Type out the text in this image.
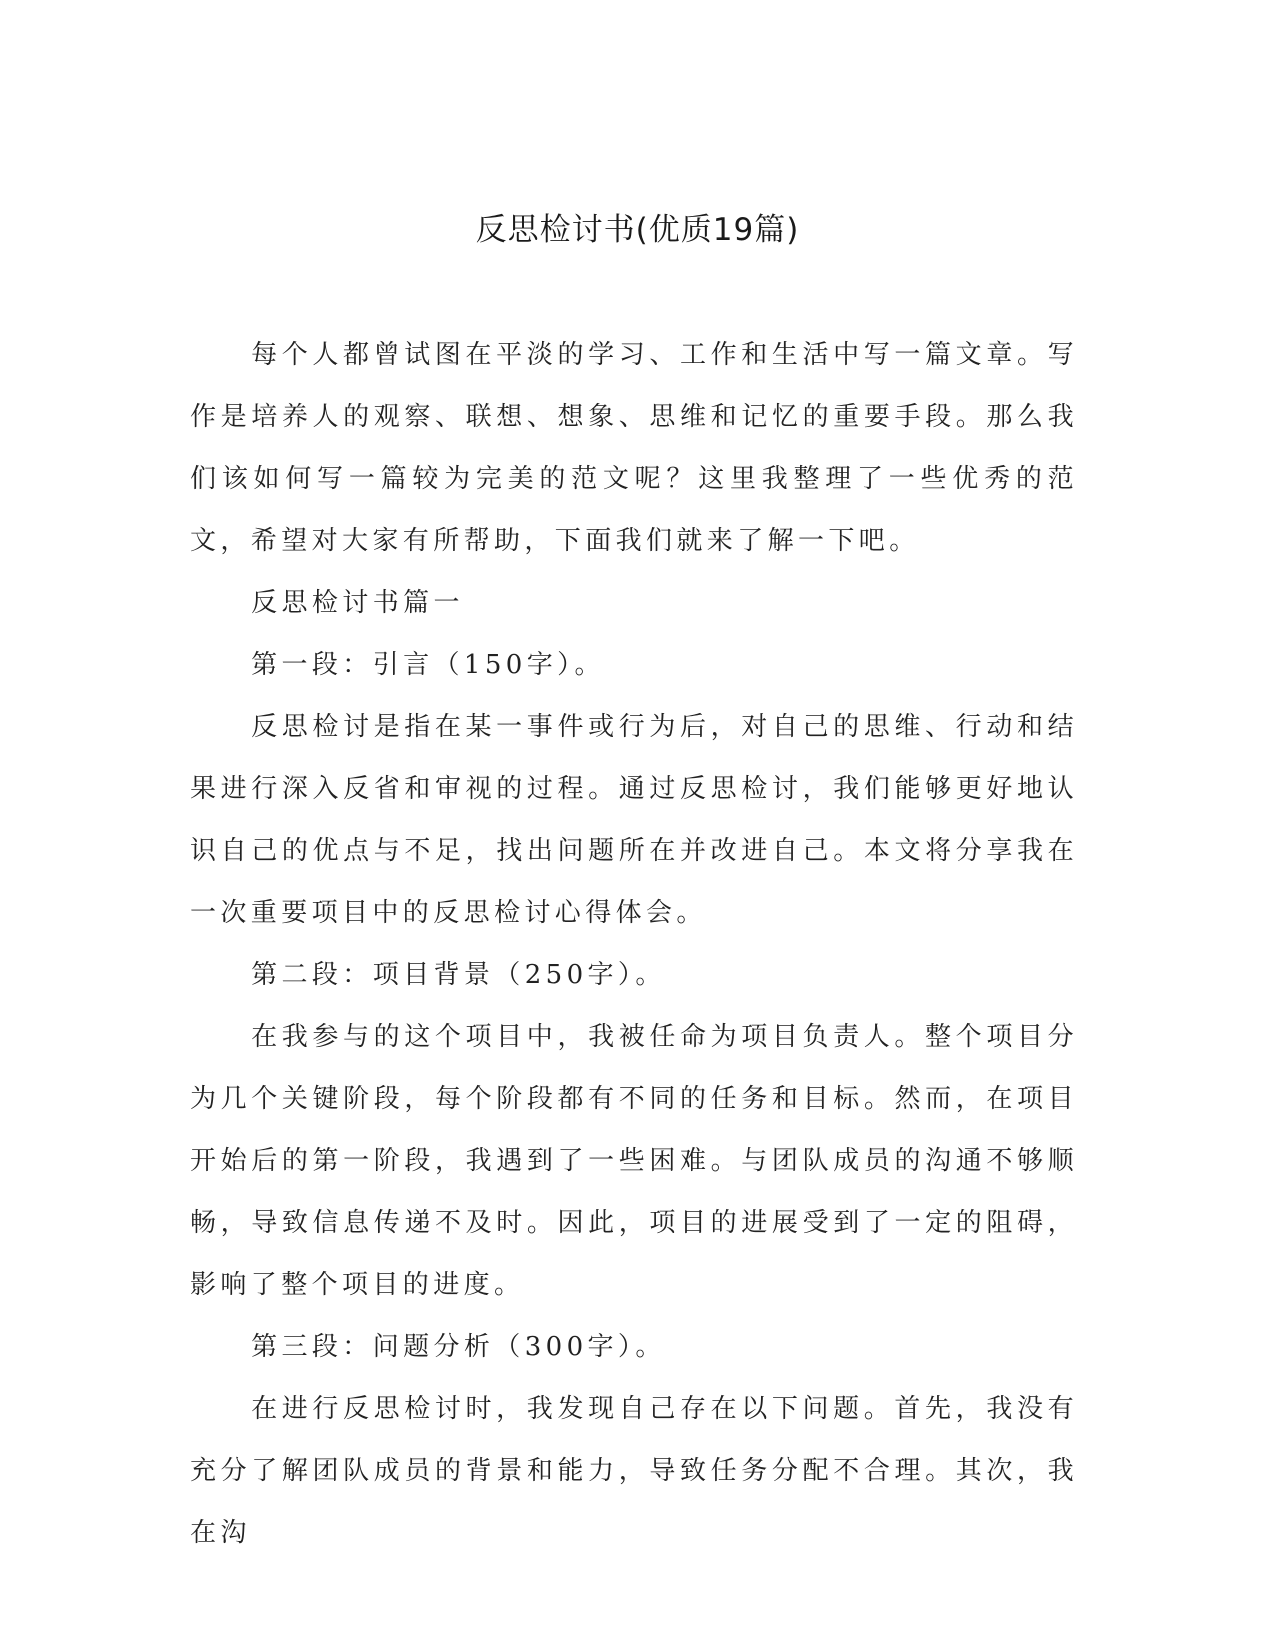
反思检讨书(优质19篇)

每个人都曾试图在平淡的学习、工作和生活中写一篇文章。写作是培养人的观察、联想、想象、思维和记忆的重要手段。那么我们该如何写一篇较为完美的范文呢？这里我整理了一些优秀的范文，希望对大家有所帮助，下面我们就来了解一下吧。

反思检讨书篇一

第一段：引言（150字）。

反思检讨是指在某一事件或行为后，对自己的思维、行动和结果进行深入反省和审视的过程。通过反思检讨，我们能够更好地认识自己的优点与不足，找出问题所在并改进自己。本文将分享我在一次重要项目中的反思检讨心得体会。

第二段：项目背景（250字）。

在我参与的这个项目中，我被任命为项目负责人。整个项目分为几个关键阶段，每个阶段都有不同的任务和目标。然而，在项目开始后的第一阶段，我遇到了一些困难。与团队成员的沟通不够顺畅，导致信息传递不及时。因此，项目的进展受到了一定的阻碍，影响了整个项目的进度。

第三段：问题分析（300字）。

在进行反思检讨时，我发现自己存在以下问题。首先，我没有充分了解团队成员的背景和能力，导致任务分配不合理。其次，我在沟
